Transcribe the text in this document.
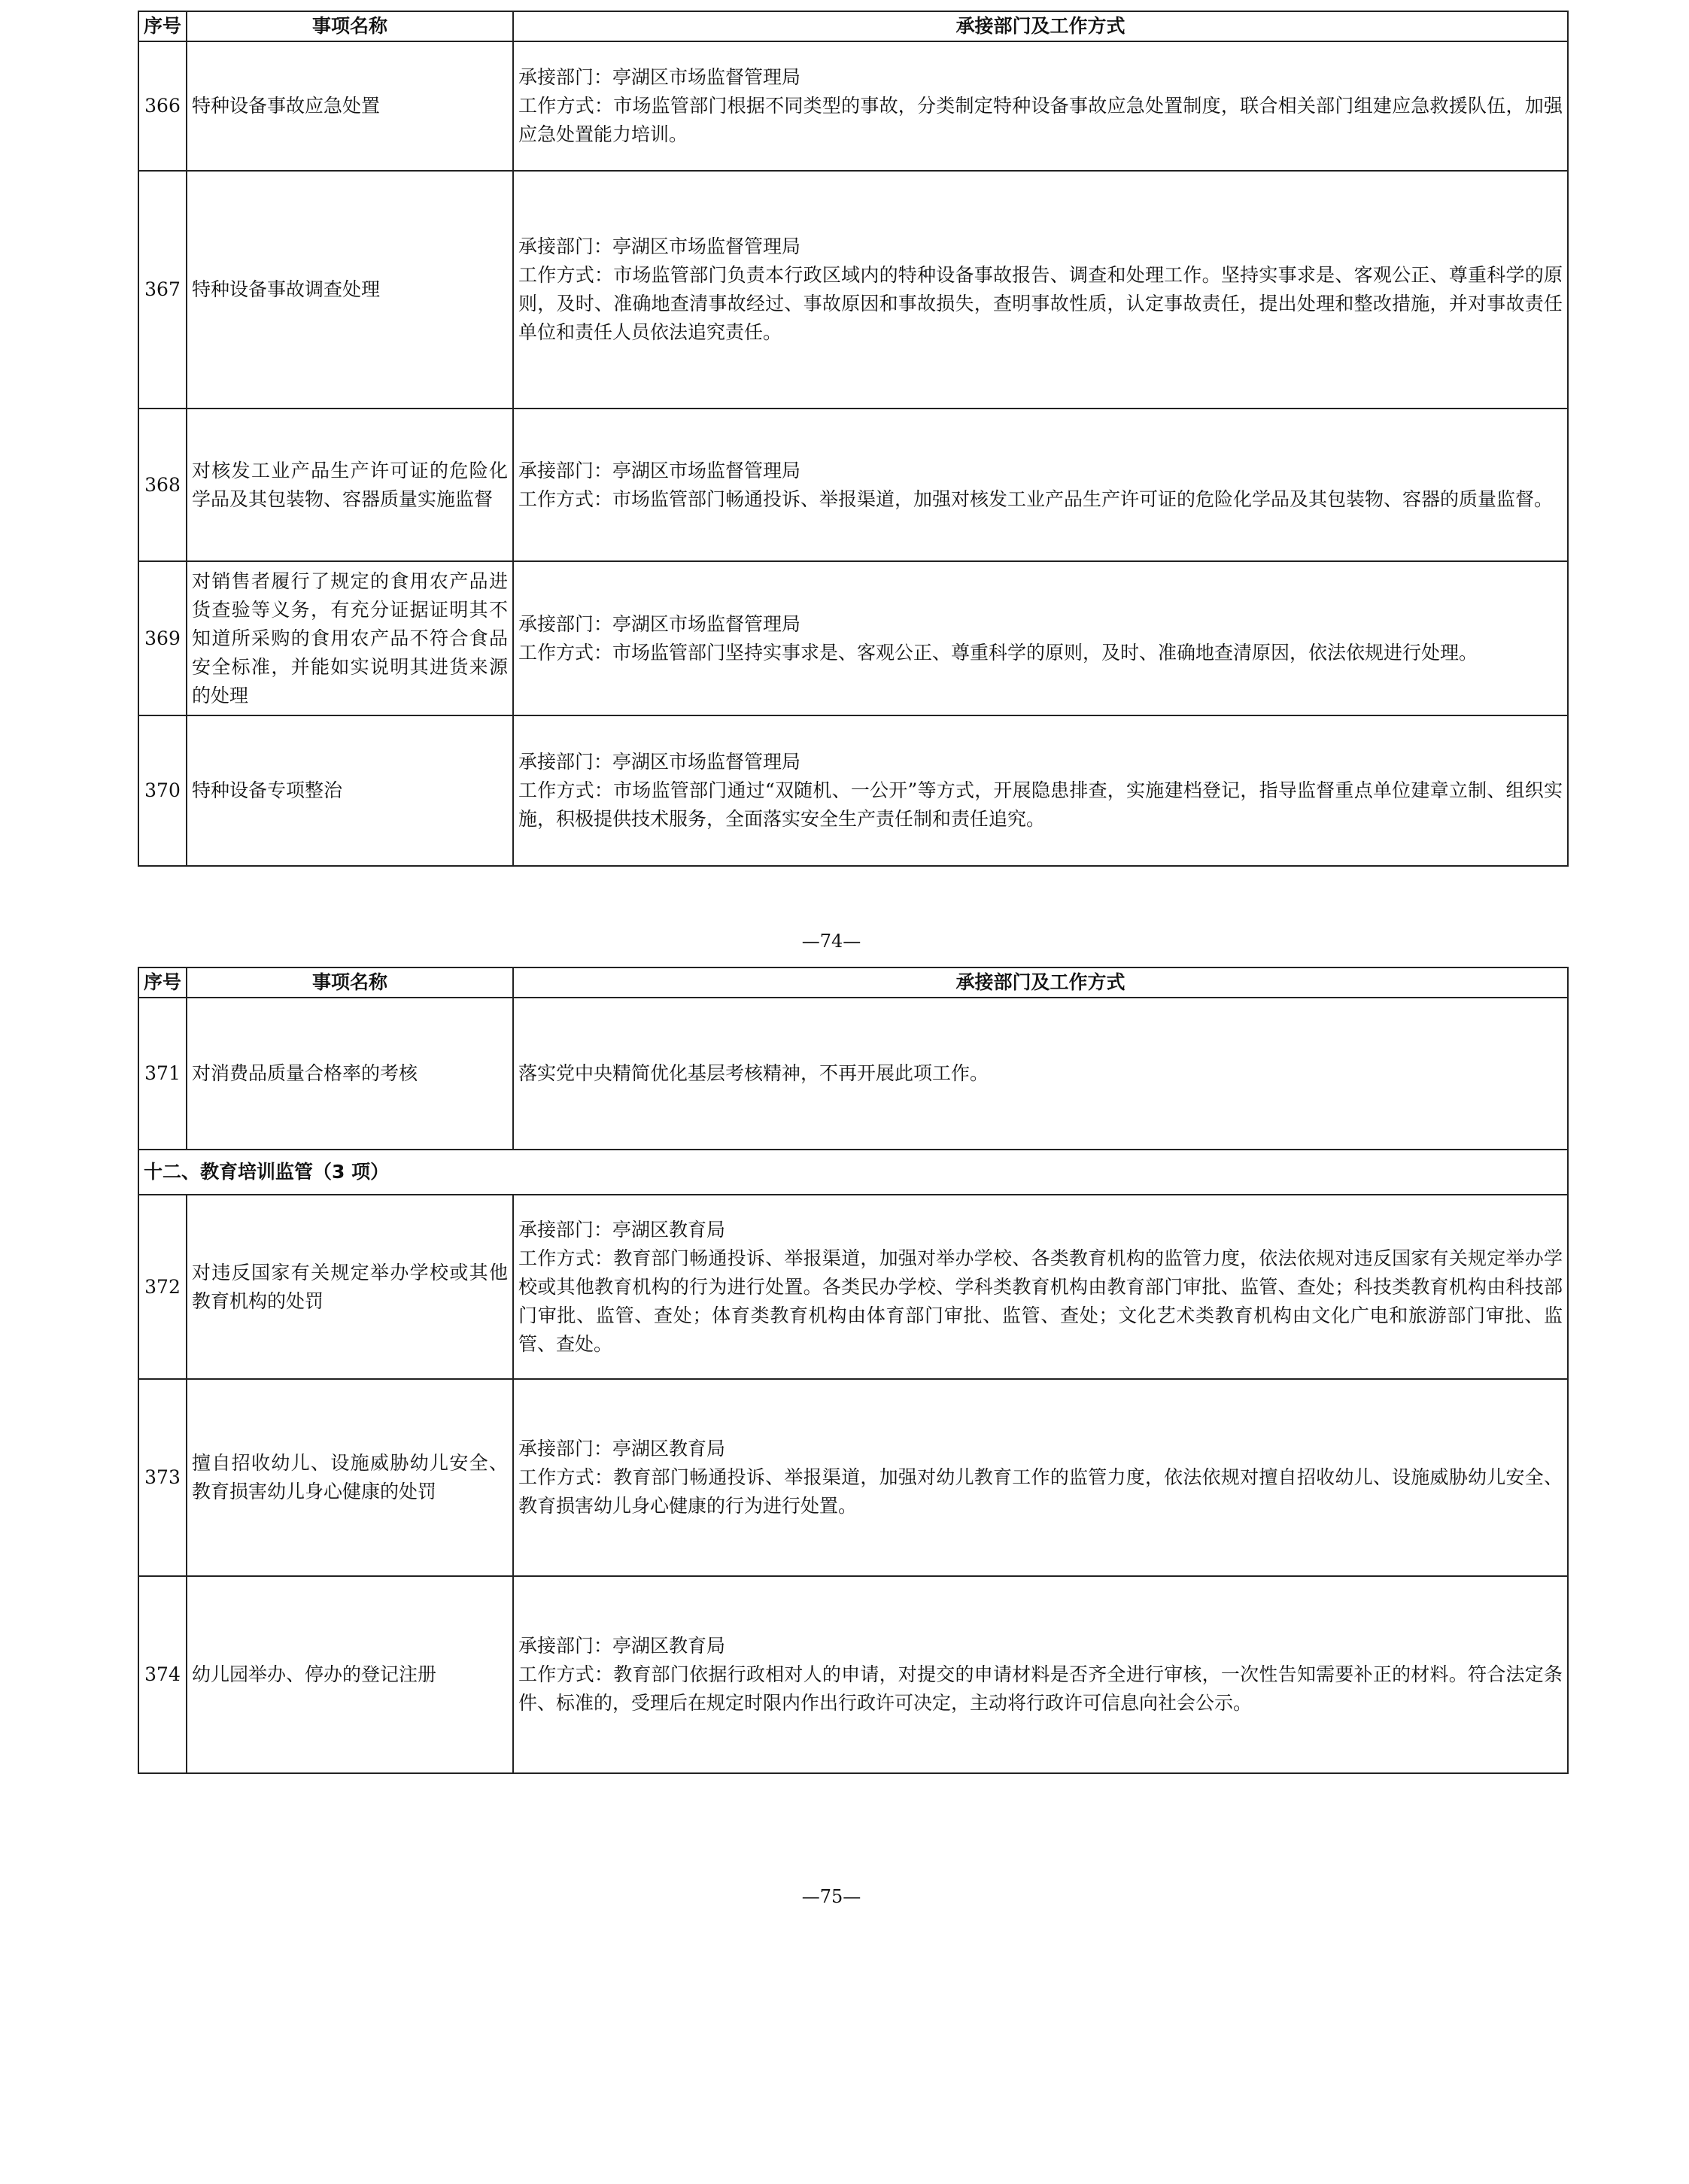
序号	事项名称	承接部门及工作方式
366	特种设备事故应急处置	承接部门：亭湖区市场监督管理局
工作方式：市场监管部门根据不同类型的事故，分类制定特种设备事故应急处置制度，联合相关部门组建应急救援队伍，加强应急处置能力培训。

367	特种设备事故调查处理	承接部门：亭湖区市场监督管理局
工作方式：市场监管部门负责本行政区域内的特种设备事故报告、调查和处理工作。坚持实事求是、客观公正、尊重科学的原则，及时、准确地查清事故经过、事故原因和事故损失，查明事故性质，认定事故责任，提出处理和整改措施，并对事故责任单位和责任人员依法追究责任。

368	对核发工业产品生产许可证的危险化学品及其包装物、容器质量实施监督	承接部门：亭湖区市场监督管理局
工作方式：市场监管部门畅通投诉、举报渠道，加强对核发工业产品生产许可证的危险化学品及其包装物、容器的质量监督。

369	对销售者履行了规定的食用农产品进货查验等义务，有充分证据证明其不知道所采购的食用农产品不符合食品安全标准，并能如实说明其进货来源的处理	承接部门：亭湖区市场监督管理局
工作方式：市场监管部门坚持实事求是、客观公正、尊重科学的原则，及时、准确地查清原因，依法依规进行处理。

370	特种设备专项整治	承接部门：亭湖区市场监督管理局
工作方式：市场监管部门通过“双随机、一公开”等方式，开展隐患排查，实施建档登记，指导监督重点单位建章立制、组织实施，积极提供技术服务，全面落实安全生产责任制和责任追究。
—74—
序号	事项名称	承接部门及工作方式
371	对消费品质量合格率的考核	落实党中央精简优化基层考核精神，不再开展此项工作。
十二、教育培训监管（3 项）		
372	对违反国家有关规定举办学校或其他教育机构的处罚	承接部门：亭湖区教育局
工作方式：教育部门畅通投诉、举报渠道，加强对举办学校、各类教育机构的监管力度，依法依规对违反国家有关规定举办学校或其他教育机构的行为进行处置。各类民办学校、学科类教育机构由教育部门审批、监管、查处；科技类教育机构由科技部门审批、监管、查处；体育类教育机构由体育部门审批、监管、查处；文化艺术类教育机构由文化广电和旅游部门审批、监管、查处。

373	擅自招收幼儿、设施威胁幼儿安全、教育损害幼儿身心健康的处罚	承接部门：亭湖区教育局
工作方式：教育部门畅通投诉、举报渠道，加强对幼儿教育工作的监管力度，依法依规对擅自招收幼儿、设施威胁幼儿安全、教育损害幼儿身心健康的行为进行处置。

374	幼儿园举办、停办的登记注册	承接部门：亭湖区教育局
工作方式：教育部门依据行政相对人的申请，对提交的申请材料是否齐全进行审核，一次性告知需要补正的材料。符合法定条件、标准的，受理后在规定时限内作出行政许可决定，主动将行政许可信息向社会公示。
—75—
